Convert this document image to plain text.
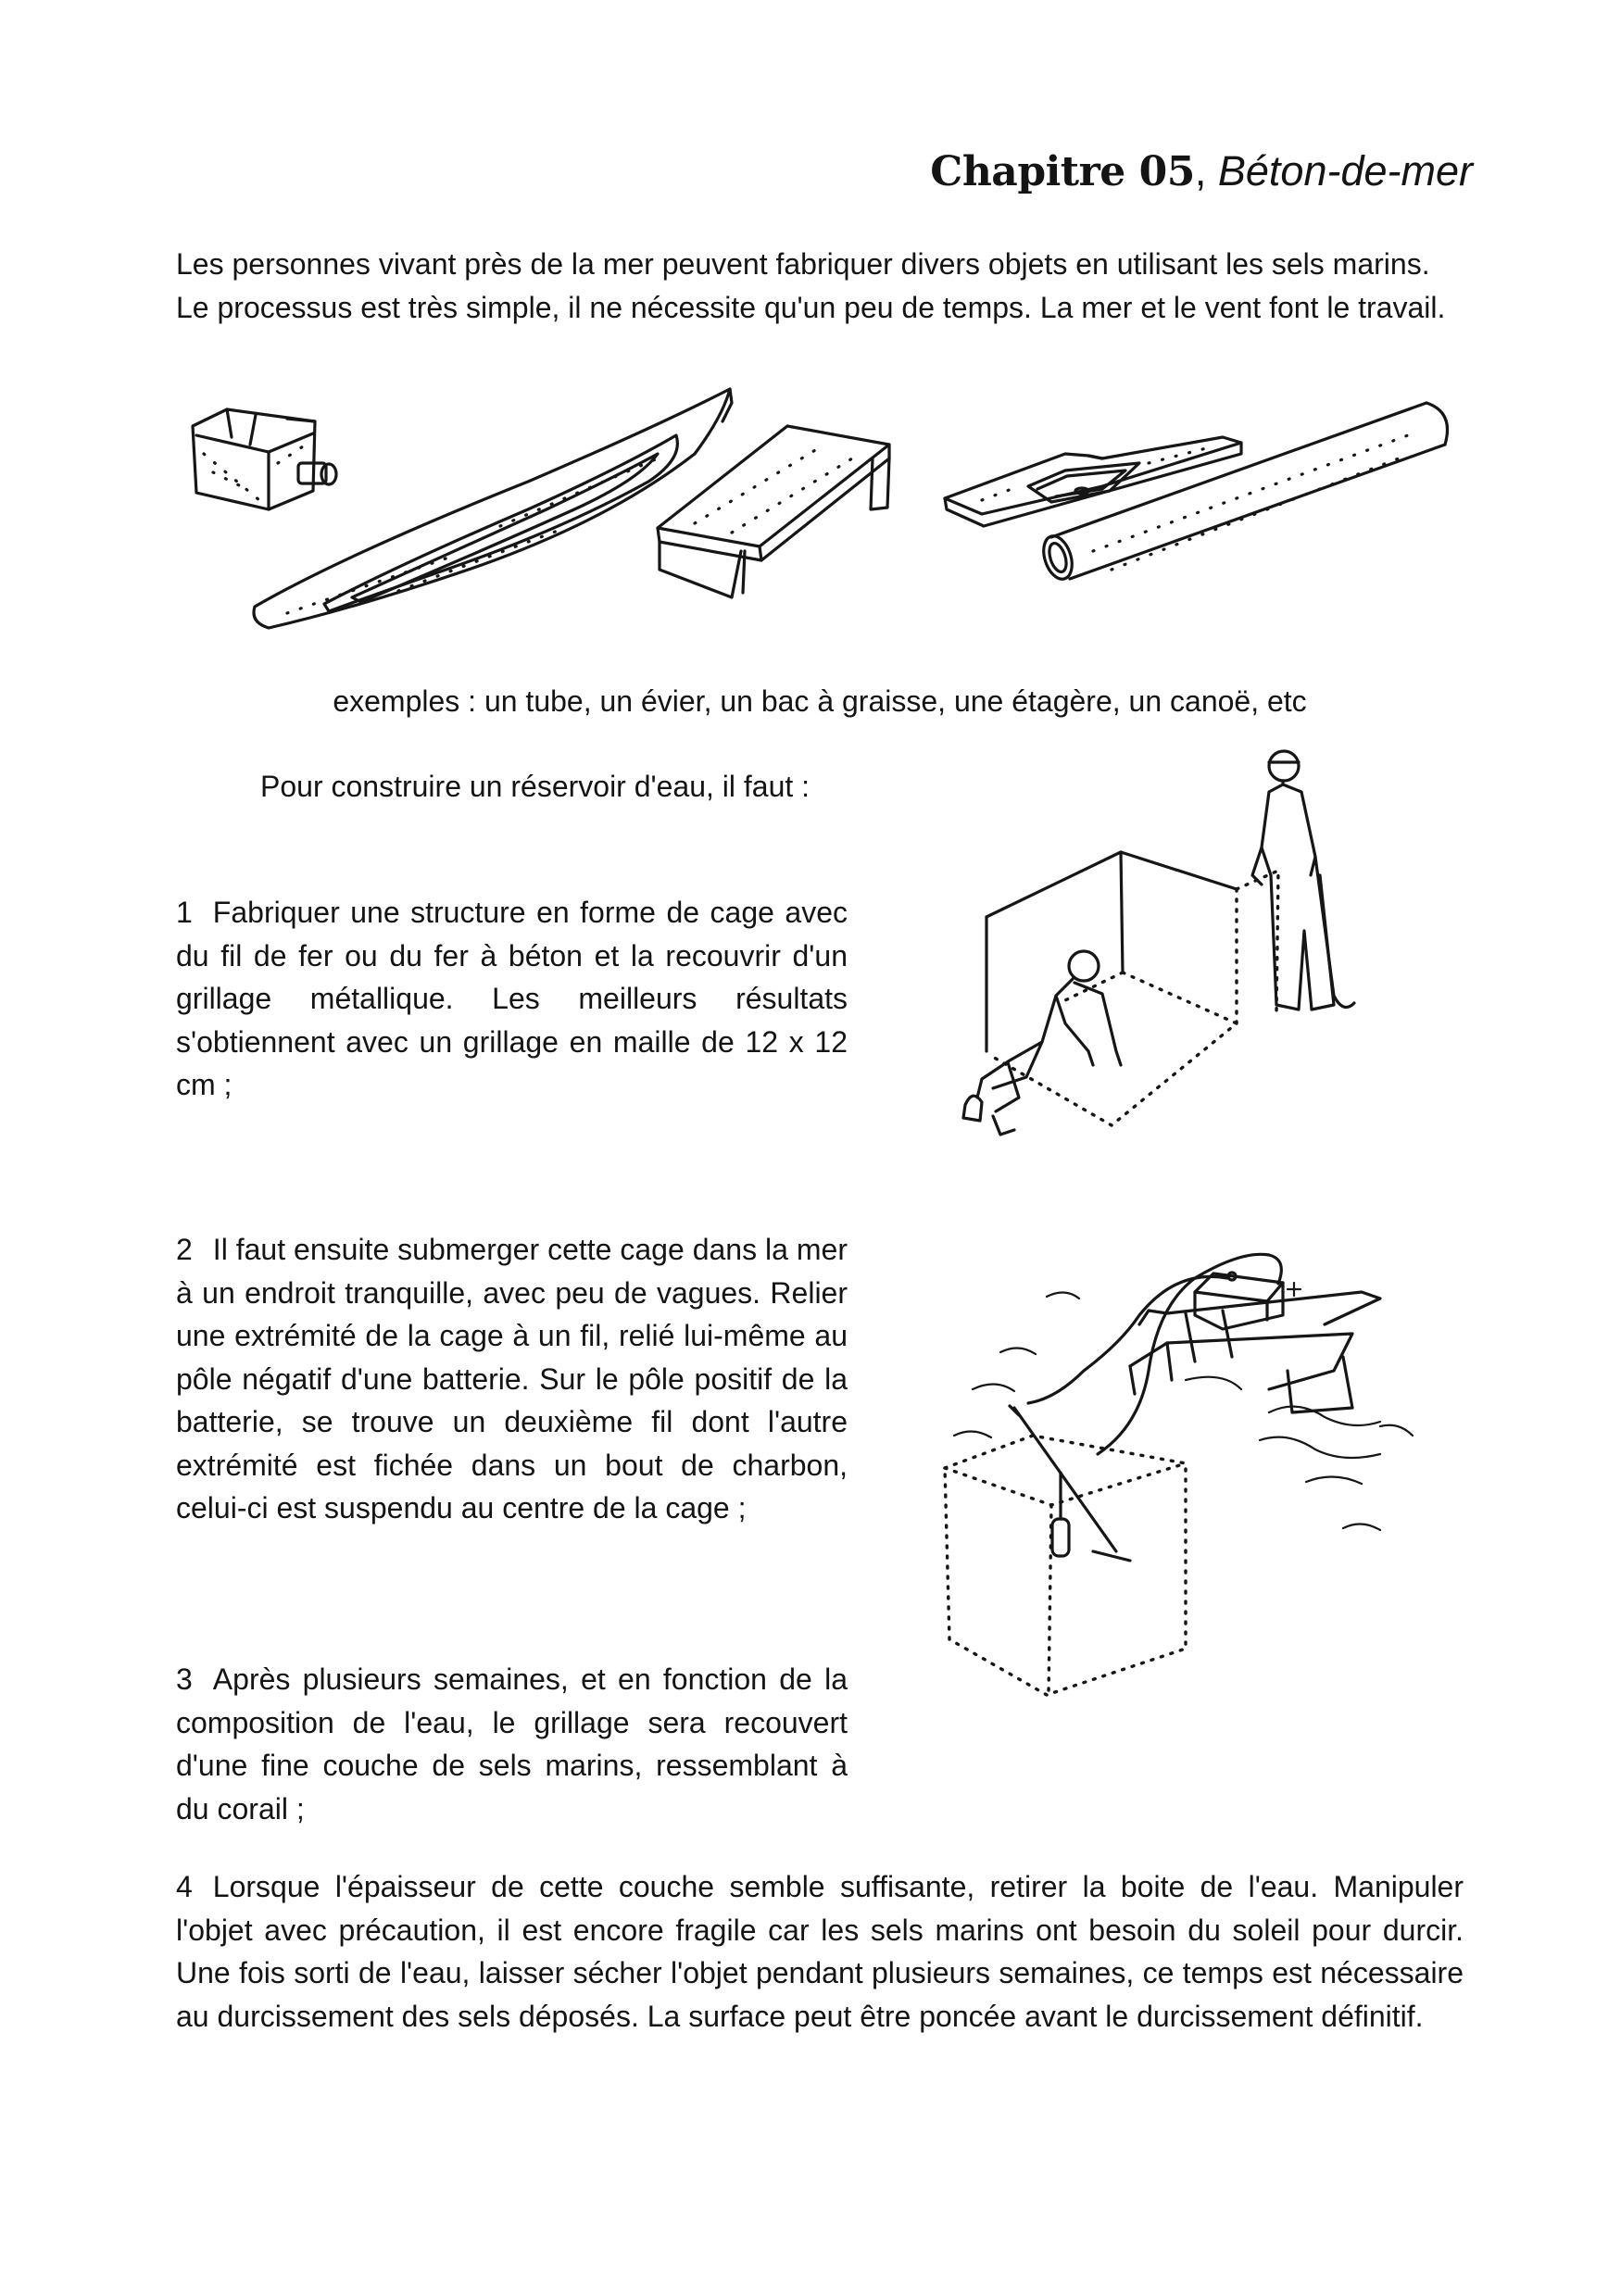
Chapitre 05, Béton-de-mer
Les personnes vivant près de la mer peuvent fabriquer divers objets en utilisant les sels marins. Le processus est très simple, il ne nécessite qu'un peu de temps. La mer et le vent font le travail.
exemples : un tube, un évier, un bac à graisse, une étagère, un canoë, etc
Pour construire un réservoir d'eau, il faut :
1 Fabriquer une structure en forme de cage avec du fil de fer ou du fer à béton et la recouvrir d'un grillage métallique. Les meilleurs résultats s'obtiennent avec un grillage en maille de 12 x 12 cm ;
2 Il faut ensuite submerger cette cage dans la mer à un endroit tranquille, avec peu de vagues. Relier une extrémité de la cage à un fil, relié lui-même au pôle négatif d'une batterie. Sur le pôle positif de la batterie, se trouve un deuxième fil dont l'autre extrémité est fichée dans un bout de charbon, celui-ci est suspendu au centre de la cage ;
3 Après plusieurs semaines, et en fonction de la composition de l'eau, le grillage sera recouvert d'une fine couche de sels marins, ressemblant à du corail ;
4 Lorsque l'épaisseur de cette couche semble suffisante, retirer la boite de l'eau. Manipuler l'objet avec précaution, il est encore fragile car les sels marins ont besoin du soleil pour durcir. Une fois sorti de l'eau, laisser sécher l'objet pendant plusieurs semaines, ce temps est nécessaire au durcissement des sels déposés. La surface peut être poncée avant le durcissement définitif.
